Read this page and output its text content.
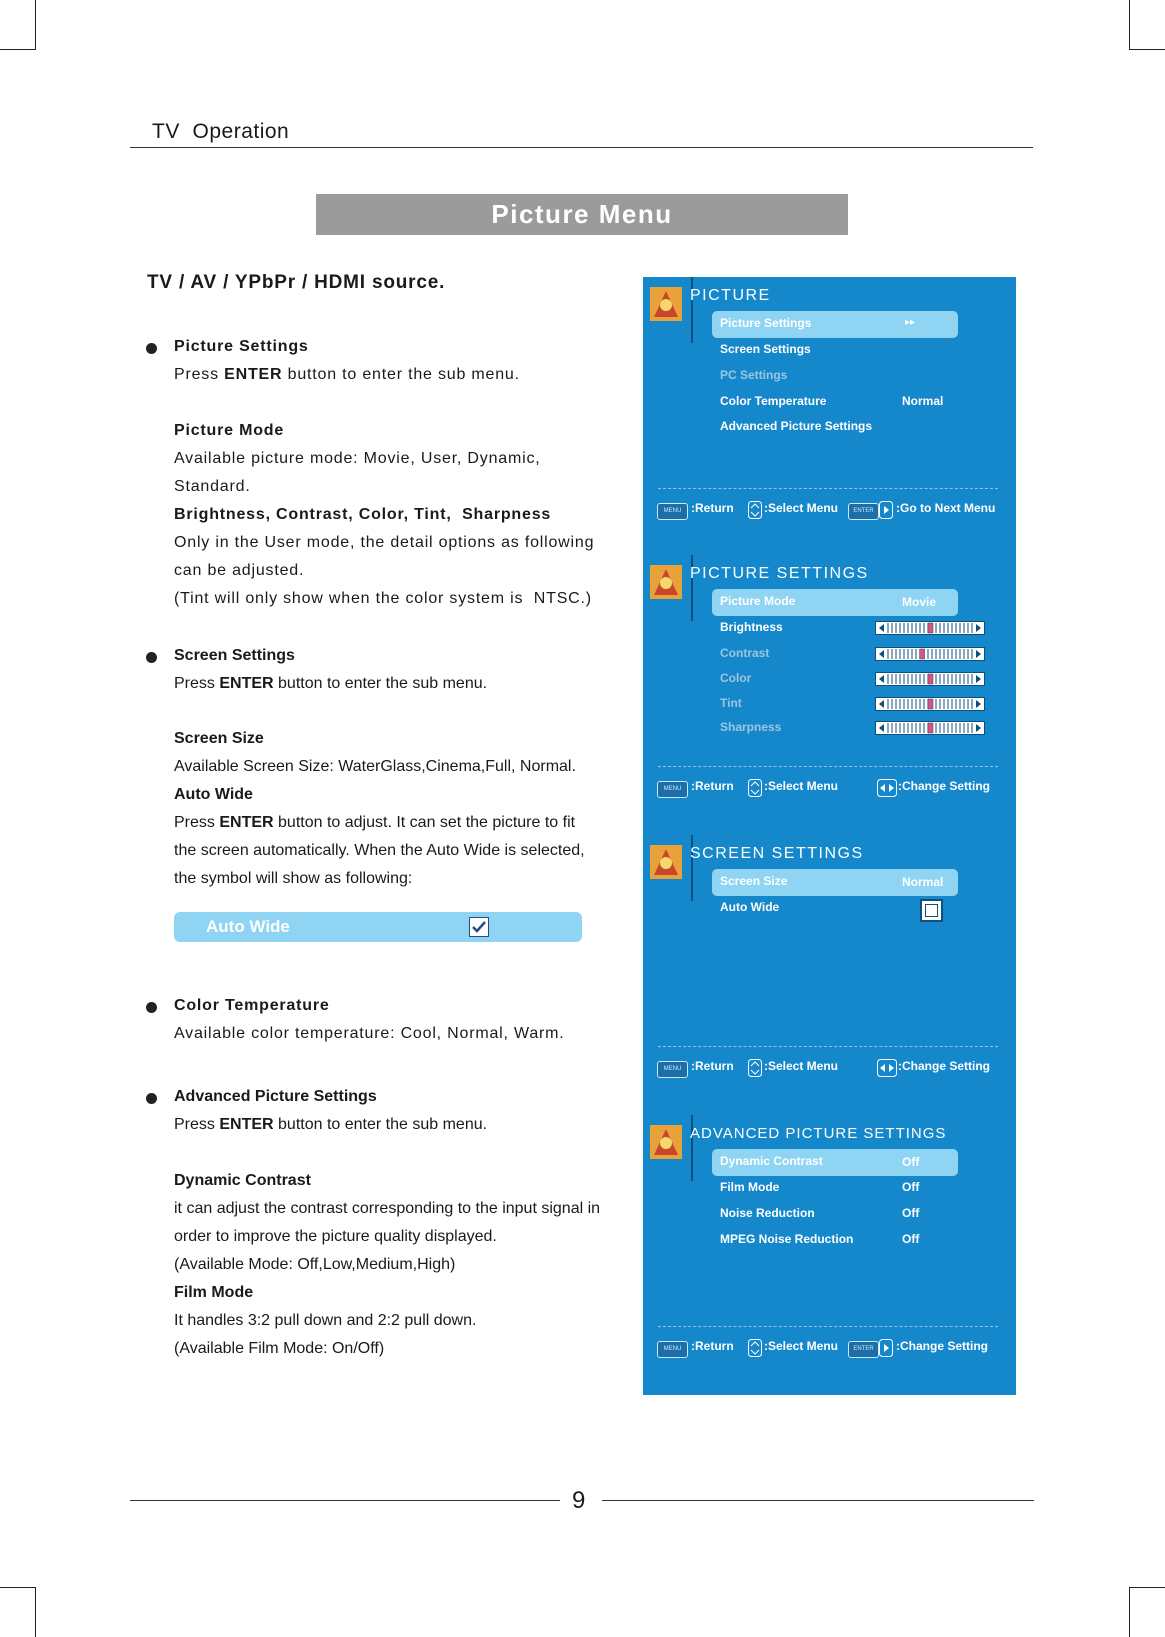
TV  Operation
Picture Menu
TV / AV / YPbPr / HDMI source.
Picture Settings
Press ENTER button to enter the sub menu.
Picture Mode
Available picture mode: Movie, User, Dynamic,
Standard.
Brightness, Contrast, Color, Tint,  Sharpness
Only in the User mode, the detail options as following
can be adjusted.
(Tint will only show when the color system is  NTSC.)
Screen Settings
Press ENTER button to enter the sub menu.
Screen Size
Available Screen Size: WaterGlass,Cinema,Full, Normal.
Auto Wide
Press ENTER button to adjust. It can set the picture to fit
the screen automatically. When the Auto Wide is selected,
the symbol will show as following:
Auto Wide
Color Temperature
Available color temperature: Cool, Normal, Warm.
Advanced Picture Settings
Press ENTER button to enter the sub menu.
Dynamic Contrast
it can adjust the contrast corresponding to the input signal in
order to improve the picture quality displayed.
(Available Mode: Off,Low,Medium,High)
Film Mode
It handles 3:2 pull down and 2:2 pull down.
(Available Film Mode: On/Off)
PICTURE
Picture Settings	▸▸
Screen Settings
PC Settings
Color Temperature	Normal
Advanced Picture Settings
MENU :Return	:Select Menu	ENTER	:Go to Next Menu
PICTURE SETTINGS
Picture Mode	Movie
Brightness
Contrast
Color
Tint
Sharpness
MENU :Return	:Select Menu	:Change Setting
SCREEN SETTINGS
Screen Size	Normal
Auto Wide
MENU :Return	:Select Menu	:Change Setting
ADVANCED PICTURE SETTINGS
Dynamic Contrast	Off
Film Mode	Off
Noise Reduction	Off
MPEG Noise Reduction	Off
MENU :Return	:Select Menu	ENTER	:Change Setting
9
